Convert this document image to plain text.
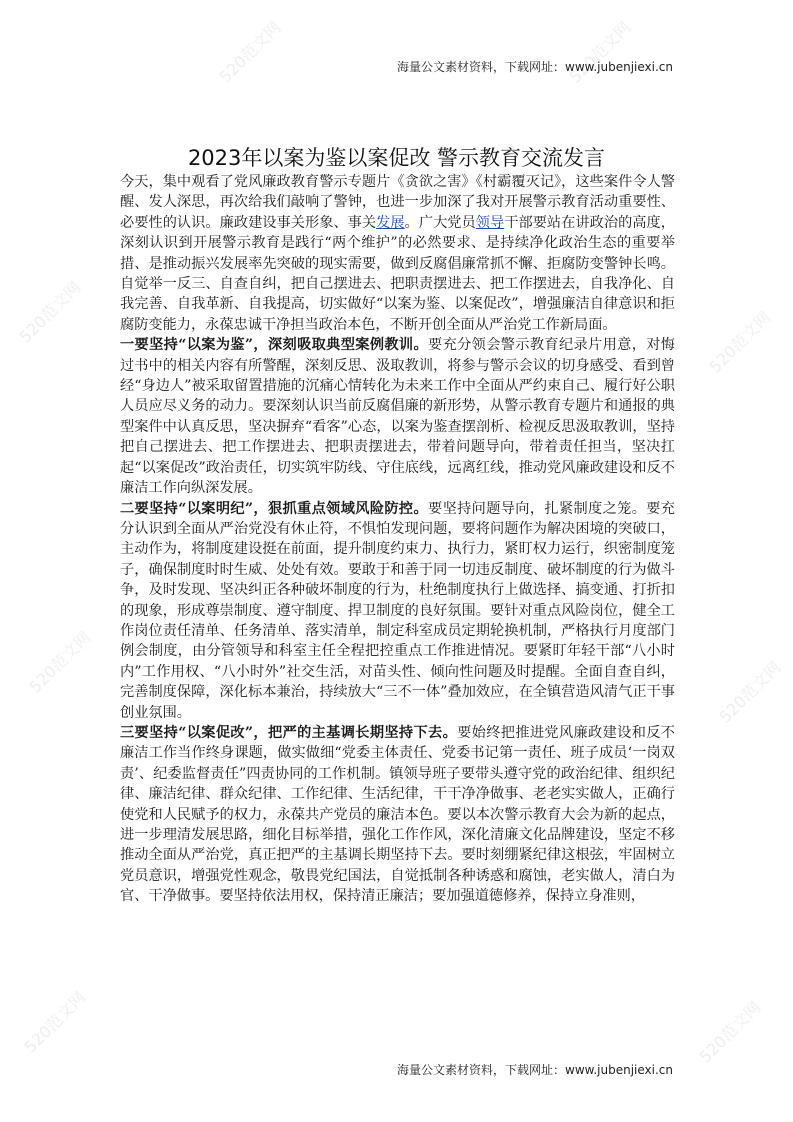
520范文网	520范文网
520范文网	520范文网
520范文网	520范文网
520范文网	520范文网
海量公文素材资料，下载网址：www.jubenjiexi.cn
2023年以案为鉴以案促改 警示教育交流发言

今天，集中观看了党风廉政教育警示专题片《贪欲之害》《村霸覆灭记》，这些案件令人警醒、发人深思，再次给我们敲响了警钟，也进一步加深了我对开展警示教育活动重要性、必要性的认识。廉政建设事关形象、事关发展。广大党员领导干部要站在讲政治的高度，深刻认识到开展警示教育是践行“两个维护”的必然要求、是持续净化政治生态的重要举措、是推动振兴发展率先突破的现实需要，做到反腐倡廉常抓不懈、拒腐防变警钟长鸣。自觉举一反三、自查自纠，把自己摆进去、把职责摆进去、把工作摆进去，自我净化、自我完善、自我革新、自我提高，切实做好“以案为鉴、以案促改”，增强廉洁自律意识和拒腐防变能力，永葆忠诚干净担当政治本色，不断开创全面从严治党工作新局面。

一要坚持“以案为鉴”，深刻吸取典型案例教训。要充分领会警示教育纪录片用意，对悔过书中的相关内容有所警醒，深刻反思、汲取教训，将参与警示会议的切身感受、看到曾经“身边人”被采取留置措施的沉痛心情转化为未来工作中全面从严约束自己、履行好公职人员应尽义务的动力。要深刻认识当前反腐倡廉的新形势，从警示教育专题片和通报的典型案件中认真反思，坚决摒弃“看客”心态，以案为鉴查摆剖析、检视反思汲取教训，坚持把自己摆进去、把工作摆进去、把职责摆进去，带着问题导向，带着责任担当，坚决扛起“以案促改”政治责任，切实筑牢防线、守住底线，远离红线，推动党风廉政建设和反不廉洁工作向纵深发展。

二要坚持“以案明纪”，狠抓重点领域风险防控。要坚持问题导向，扎紧制度之笼。要充分认识到全面从严治党没有休止符，不惧怕发现问题，要将问题作为解决困境的突破口，主动作为，将制度建设挺在前面，提升制度约束力、执行力，紧盯权力运行，织密制度笼子，确保制度时时生威、处处有效。要敢于和善于同一切违反制度、破坏制度的行为做斗争，及时发现、坚决纠正各种破坏制度的行为，杜绝制度执行上做选择、搞变通、打折扣的现象，形成尊崇制度、遵守制度、捍卫制度的良好氛围。要针对重点风险岗位，健全工作岗位责任清单、任务清单、落实清单，制定科室成员定期轮换机制，严格执行月度部门例会制度，由分管领导和科室主任全程把控重点工作推进情况。要紧盯年轻干部“八小时内”工作用权、“八小时外”社交生活，对苗头性、倾向性问题及时提醒。全面自查自纠，完善制度保障，深化标本兼治，持续放大“三不一体”叠加效应，在全镇营造风清气正干事创业氛围。

三要坚持“以案促改”，把严的主基调长期坚持下去。要始终把推进党风廉政建设和反不廉洁工作当作终身课题，做实做细“党委主体责任、党委书记第一责任、班子成员‘一岗双责’、纪委监督责任”四责协同的工作机制。镇领导班子要带头遵守党的政治纪律、组织纪律、廉洁纪律、群众纪律、工作纪律、生活纪律，干干净净做事、老老实实做人，正确行使党和人民赋予的权力，永葆共产党员的廉洁本色。要以本次警示教育大会为新的起点，进一步理清发展思路，细化目标举措，强化工作作风，深化清廉文化品牌建设，坚定不移推动全面从严治党，真正把严的主基调长期坚持下去。要时刻绷紧纪律这根弦，牢固树立党员意识，增强党性观念，敬畏党纪国法，自觉抵制各种诱惑和腐蚀，老实做人，清白为官、干净做事。要坚持依法用权，保持清正廉洁；要加强道德修养，保持立身准则，

海量公文素材资料，下载网址：www.jubenjiexi.cn
